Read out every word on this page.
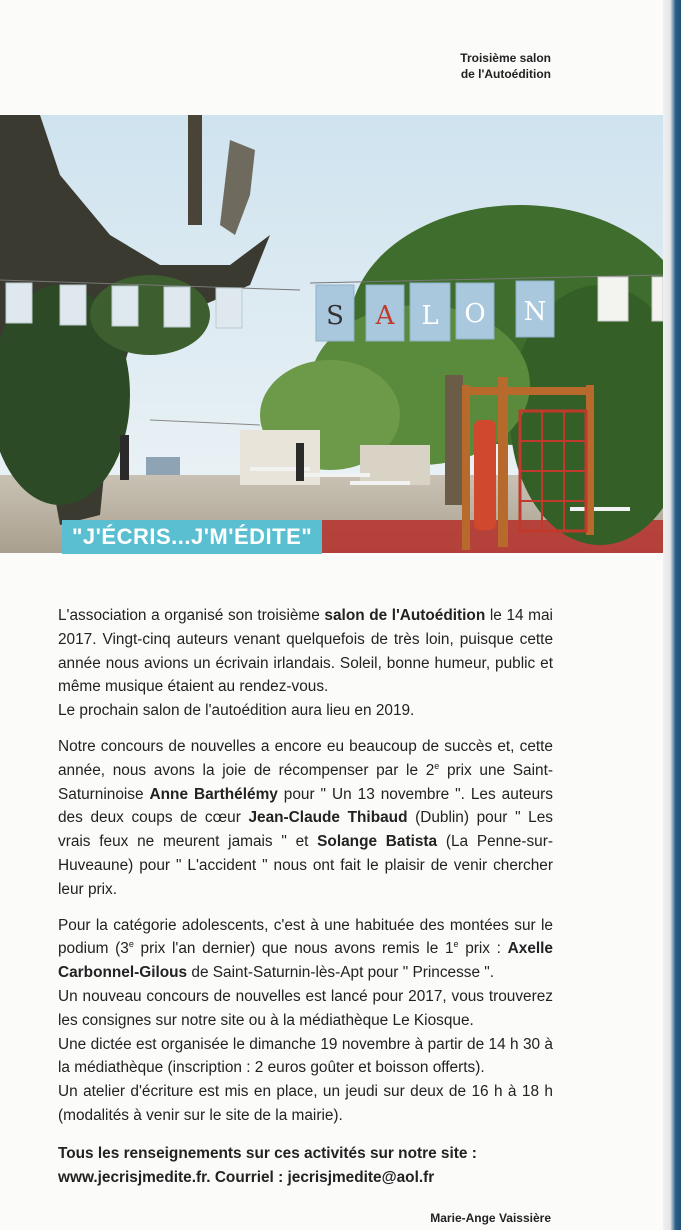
Troisième salon
de l'Autoédition
S A L O N
"J'ÉCRIS...J'M'ÉDITE"

L'association a organisé son troisième salon de l'Autoédition le 14 mai 2017. Vingt-cinq auteurs venant quelquefois de très loin, puisque cette année nous avions un écrivain irlandais. Soleil, bonne humeur, public et même musique étaient au rendez-vous.
Le prochain salon de l'autoédition aura lieu en 2019.

Notre concours de nouvelles a encore eu beaucoup de succès et, cette année, nous avons la joie de récompenser par le 2e prix une Saint-Saturninoise Anne Barthélémy pour " Un 13 novembre ". Les auteurs des deux coups de cœur Jean-Claude Thibaud (Dublin) pour " Les vrais feux ne meurent jamais " et Solange Batista (La Penne-sur-Huveaune) pour " L'accident " nous ont fait le plaisir de venir chercher leur prix.

Pour la catégorie adolescents, c'est à une habituée des montées sur le podium (3e prix l'an dernier) que nous avons remis le 1e prix : Axelle Carbonnel-Gilous de Saint-Saturnin-lès-Apt pour " Princesse ".
Un nouveau concours de nouvelles est lancé pour 2017, vous trouverez les consignes sur notre site ou à la médiathèque Le Kiosque.
Une dictée est organisée le dimanche 19 novembre à partir de 14 h 30 à la médiathèque (inscription : 2 euros goûter et boisson offerts).
Un atelier d'écriture est mis en place, un jeudi sur deux de 16 h à 18 h (modalités à venir sur le site de la mairie).

Tous les renseignements sur ces activités sur notre site :
www.jecrisjmedite.fr. Courriel : jecrisjmedite@aol.fr
Marie-Ange Vaissière
